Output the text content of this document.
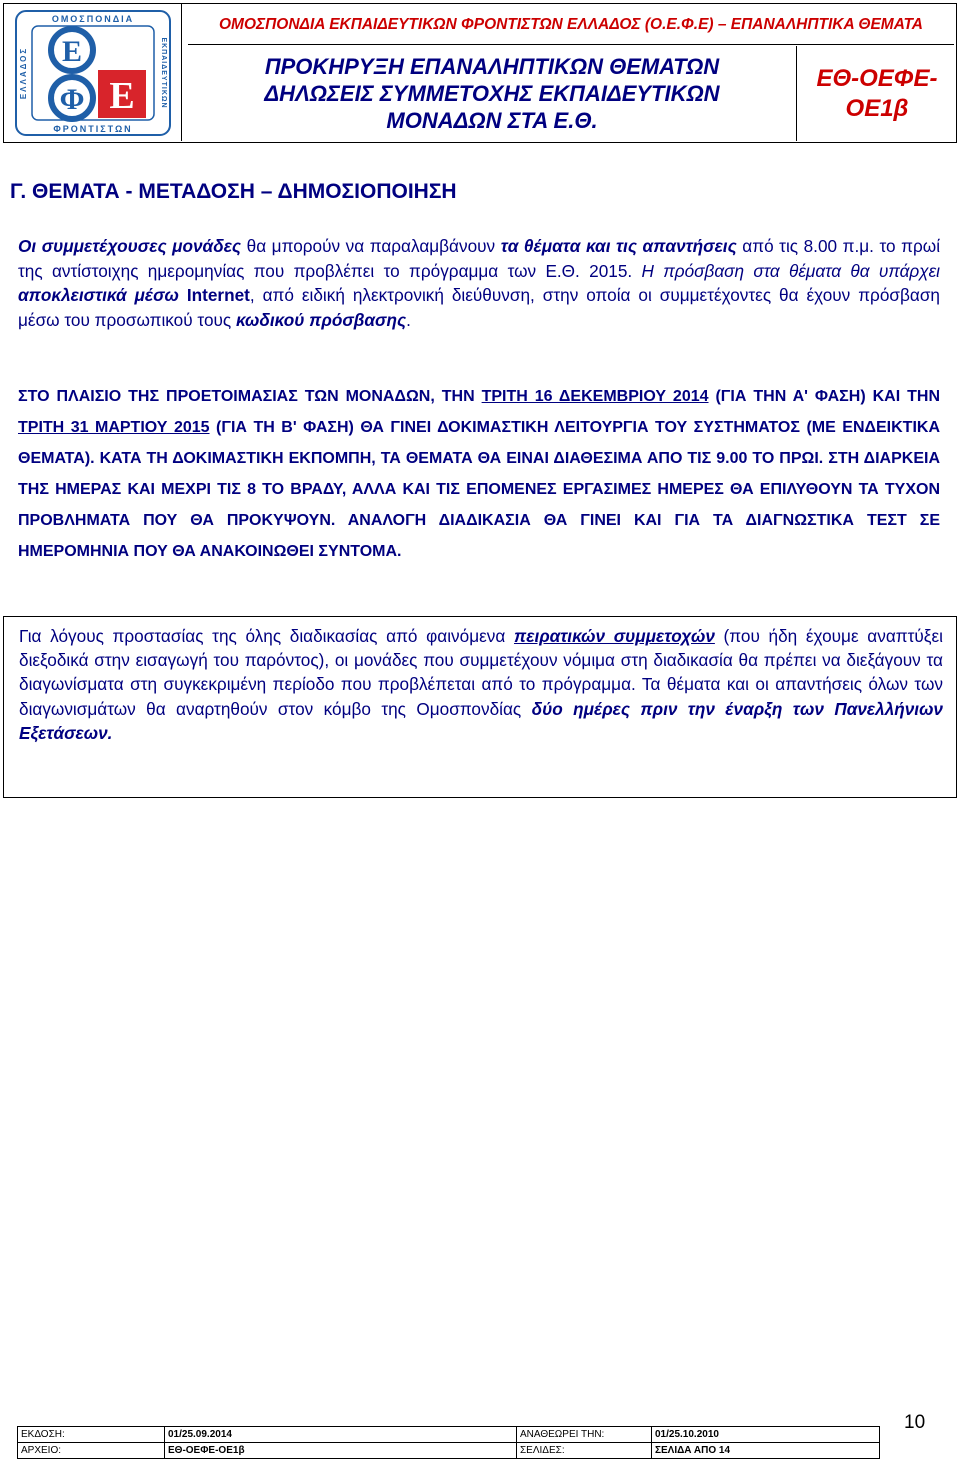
ΟΜΟΣΠΟΝΔΙΑ
ΦΡΟΝΤΙΣΤΩΝ
ΕΛΛΑΔΟΣ	ΕΚΠΑΙΔΕΥΤΙΚΩΝ
Ε
Φ Ε
ΟΜΟΣΠΟΝΔΙΑ ΕΚΠΑΙΔΕΥΤΙΚΩΝ ΦΡΟΝΤΙΣΤΩΝ ΕΛΛΑΔΟΣ (Ο.Ε.Φ.Ε) – ΕΠΑΝΑΛΗΠΤΙΚΑ ΘΕΜΑΤΑ
ΠΡΟΚΗΡΥΞΗ ΕΠΑΝΑΛΗΠΤΙΚΩΝ ΘΕΜΑΤΩΝ
ΔΗΛΩΣΕΙΣ ΣΥΜΜΕΤΟΧΗΣ ΕΚΠΑΙΔΕΥΤΙΚΩΝ
ΜΟΝΑΔΩΝ ΣΤΑ Ε.Θ.
ΕΘ-ΟΕΦΕ-
ΟΕ1β
Γ. ΘΕΜΑΤΑ - ΜΕΤΑΔΟΣΗ – ΔΗΜΟΣΙΟΠΟΙΗΣΗ

Οι συμμετέχουσες μονάδες θα μπορούν να παραλαμβάνουν τα θέματα και τις απαντήσεις από τις 8.00 π.μ. το πρωί της αντίστοιχης ημερομηνίας που προβλέπει το πρόγραμμα των Ε.Θ. 2015. Η πρόσβαση στα θέματα θα υπάρχει αποκλειστικά μέσω Internet, από ειδική ηλεκτρονική διεύθυνση, στην οποία οι συμμετέχοντες θα έχουν πρόσβαση μέσω του προσωπικού τους κωδικού πρόσβασης.

ΣΤΟ ΠΛΑΙΣΙΟ ΤΗΣ ΠΡΟΕΤΟΙΜΑΣΙΑΣ ΤΩΝ ΜΟΝΑΔΩΝ, ΤΗΝ ΤΡΙΤΗ 16 ΔΕΚΕΜΒΡΙΟΥ 2014 (ΓΙΑ ΤΗΝ Α' ΦΑΣΗ) ΚΑΙ ΤΗΝ ΤΡΙΤΗ 31 ΜΑΡΤΙΟΥ 2015 (ΓΙΑ ΤΗ Β' ΦΑΣΗ) ΘΑ ΓΙΝΕΙ ΔΟΚΙΜΑΣΤΙΚΗ ΛΕΙΤΟΥΡΓΙΑ ΤΟΥ ΣΥΣΤΗΜΑΤΟΣ (ΜΕ ΕΝΔΕΙΚΤΙΚΑ ΘΕΜΑΤΑ). ΚΑΤΑ ΤΗ ΔΟΚΙΜΑΣΤΙΚΗ ΕΚΠΟΜΠΗ, ΤΑ ΘΕΜΑΤΑ ΘΑ ΕΙΝΑΙ ΔΙΑΘΕΣΙΜΑ ΑΠΟ ΤΙΣ 9.00 ΤΟ ΠΡΩΙ. ΣΤΗ ΔΙΑΡΚΕΙΑ ΤΗΣ ΗΜΕΡΑΣ ΚΑΙ ΜΕΧΡΙ ΤΙΣ 8 ΤΟ ΒΡΑΔΥ, ΑΛΛΑ ΚΑΙ ΤΙΣ ΕΠΟΜΕΝΕΣ ΕΡΓΑΣΙΜΕΣ ΗΜΕΡΕΣ ΘΑ ΕΠΙΛΥΘΟΥΝ ΤΑ ΤΥΧΟΝ ΠΡΟΒΛΗΜΑΤΑ ΠΟΥ ΘΑ ΠΡΟΚΥΨΟΥΝ. ΑΝΑΛΟΓΗ ΔΙΑΔΙΚΑΣΙΑ ΘΑ ΓΙΝΕΙ ΚΑΙ ΓΙΑ ΤΑ ΔΙΑΓΝΩΣΤΙΚΑ ΤΕΣΤ ΣΕ ΗΜΕΡΟΜΗΝΙΑ ΠΟΥ ΘΑ ΑΝΑΚΟΙΝΩΘΕΙ ΣΥΝΤΟΜΑ.

Για λόγους προστασίας της όλης διαδικασίας από φαινόμενα πειρατικών συμμετοχών (που ήδη έχουμε αναπτύξει διεξοδικά στην εισαγωγή του παρόντος), οι μονάδες που συμμετέχουν νόμιμα στη διαδικασία θα πρέπει να διεξάγουν τα διαγωνίσματα στη συγκεκριμένη περίοδο που προβλέπεται από το πρόγραμμα. Τα θέματα και οι απαντήσεις όλων των διαγωνισμάτων θα αναρτηθούν στον κόμβο της Ομοσπονδίας δύο ημέρες πριν την έναρξη των Πανελλήνιων Εξετάσεων.

ΕΚΔΟΣΗ:	01/25.09.2014	ΑΝΑΘΕΩΡΕΙ ΤΗΝ:	01/25.10.2010
ΑΡΧΕΙΟ:	ΕΘ-ΟΕΦΕ-ΟΕ1β	ΣΕΛΙΔΕΣ:	ΣΕΛΙΔΑ ΑΠΟ 14
10
